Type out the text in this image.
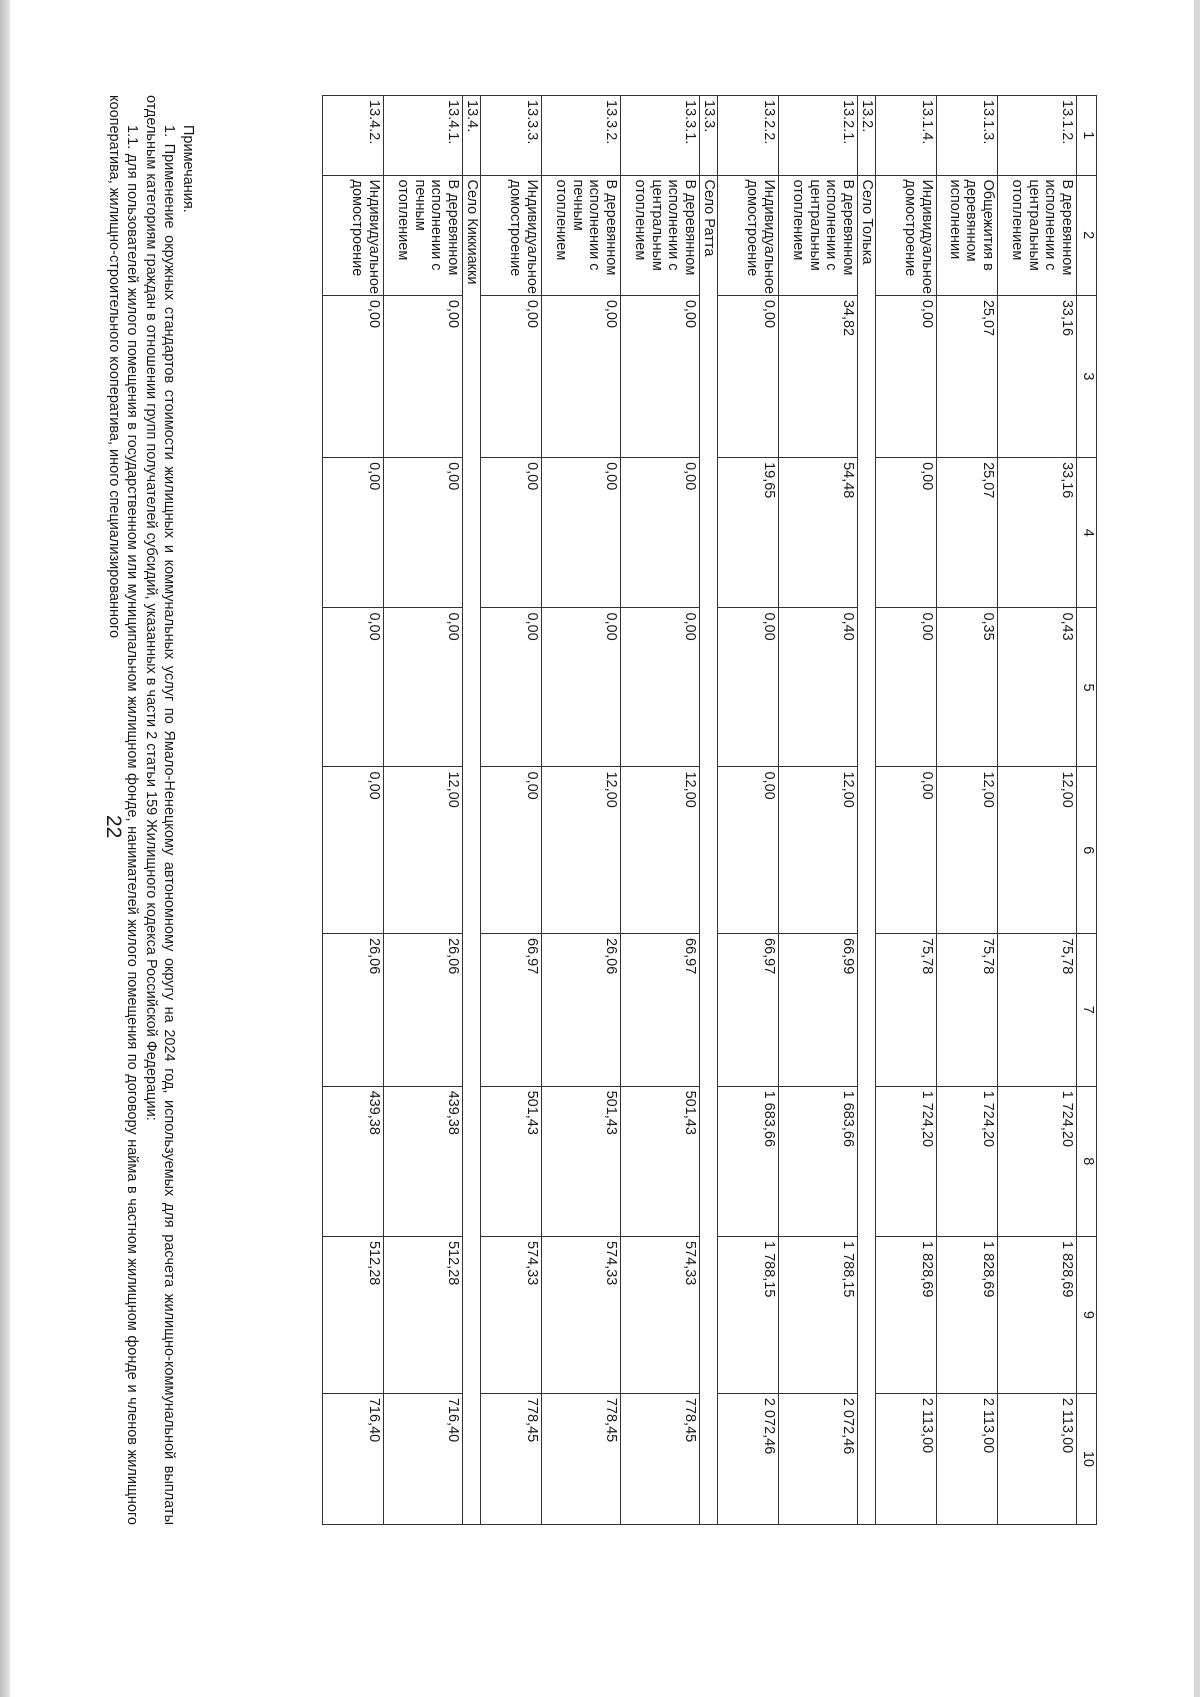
22
1	2	3	4	5	6	7	8	9	10
13.1.2.	В деревянном исполнении с центральным отоплением	33,16	33,16	0,43	12,00	75,78	1 724,20	1 828,69	2 113,00
13.1.3.	Общежития в деревянном исполнении	25,07	25,07	0,35	12,00	75,78	1 724,20	1 828,69	2 113,00
13.1.4.	Индивидуальное домостроение	0,00	0,00	0,00	0,00	75,78	1 724,20	1 828,69	2 113,00
13.2.	Село Толька								
13.2.1.	В деревянном исполнении с центральным отоплением	34,82	54,48	0,40	12,00	66,99	1 683,66	1 788,15	2 072,46
13.2.2.	Индивидуальное домостроение	0,00	19,65	0,00	0,00	66,97	1 683,66	1 788,15	2 072,46
13.3.	Село Ратта								
13.3.1.	В деревянном исполнении с центральным отоплением	0,00	0,00	0,00	12,00	66,97	501,43	574,33	778,45
13.3.2.	В деревянном исполнении с печным отоплением	0,00	0,00	0,00	12,00	26,06	501,43	574,33	778,45
13.3.3.	Индивидуальное домостроение	0,00	0,00	0,00	0,00	66,97	501,43	574,33	778,45
13.4.	Село Киккиакки								
13.4.1.	В деревянном исполнении с печным отоплением	0,00	0,00	0,00	12,00	26,06	439,38	512,28	716,40
13.4.2.	Индивидуальное домостроение	0,00	0,00	0,00	0,00	26,06	439,38	512,28	716,40

Примечания.

1. Применение окружных стандартов стоимости жилищных и коммунальных услуг по Ямало-Ненецкому автономному округу на 2024 год, используемых для расчета жилищно-коммунальной выплаты отдельным категориям граждан в отношении групп получателей субсидий, указанных в части 2 статьи 159 Жилищного кодекса Российской Федерации:

1.1. для пользователей жилого помещения в государственном или муниципальном жилищном фонде, нанимателей жилого помещения по договору найма в частном жилищном фонде и членов жилищного кооператива, жилищно-строительного кооператива, иного специализированного
